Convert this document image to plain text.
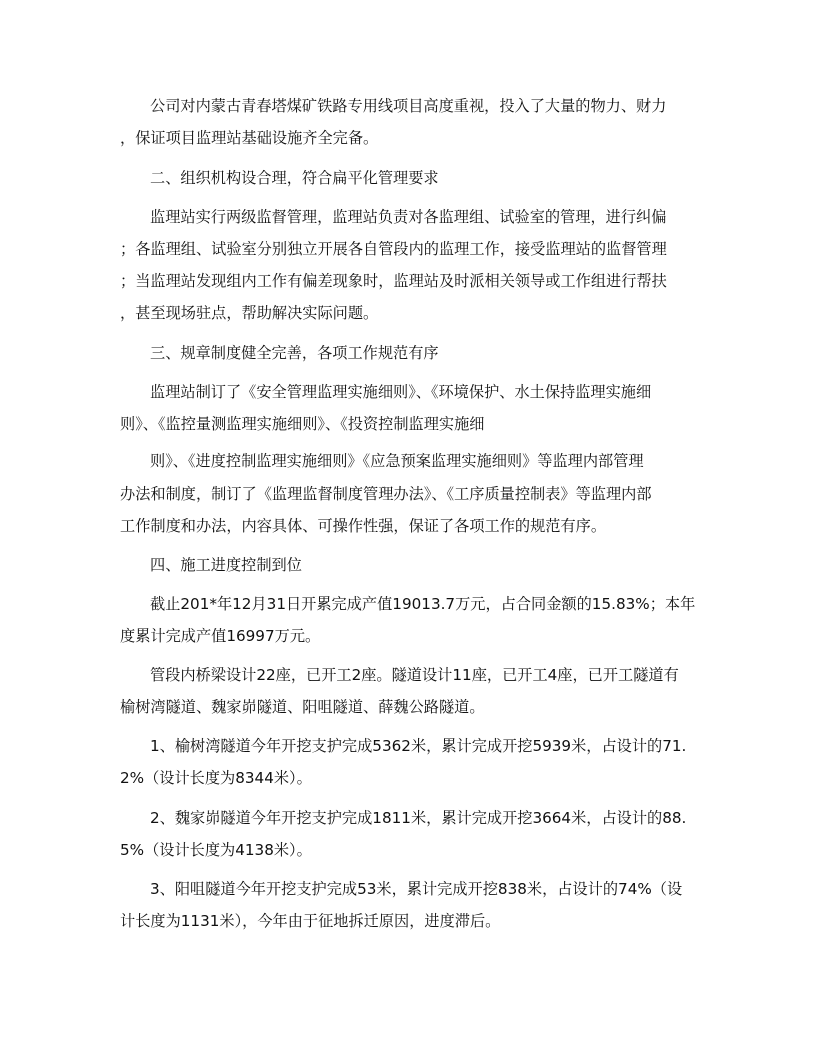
公司对内蒙古青春塔煤矿铁路专用线项目高度重视，投入了大量的物力、财力
，保证项目监理站基础设施齐全完备。
二、组织机构设合理，符合扁平化管理要求
监理站实行两级监督管理，监理站负责对各监理组、试验室的管理，进行纠偏
；各监理组、试验室分别独立开展各自管段内的监理工作，接受监理站的监督管理
；当监理站发现组内工作有偏差现象时，监理站及时派相关领导或工作组进行帮扶
，甚至现场驻点，帮助解决实际问题。
三、规章制度健全完善，各项工作规范有序
监理站制订了《安全管理监理实施细则》、《环境保护、水土保持监理实施细
则》、《监控量测监理实施细则》、《投资控制监理实施细
则》、《进度控制监理实施细则》《应急预案监理实施细则》等监理内部管理
办法和制度，制订了《监理监督制度管理办法》、《工序质量控制表》等监理内部
工作制度和办法，内容具体、可操作性强，保证了各项工作的规范有序。
四、施工进度控制到位
截止201*年12月31日开累完成产值19013.7万元，占合同金额的15.83%；本年
度累计完成产值16997万元。
管段内桥梁设计22座，已开工2座。隧道设计11座，已开工4座，已开工隧道有
榆树湾隧道、魏家峁隧道、阳咀隧道、薛魏公路隧道。
1、榆树湾隧道今年开挖支护完成5362米，累计完成开挖5939米，占设计的71.
2%（设计长度为8344米）。
2、魏家峁隧道今年开挖支护完成1811米，累计完成开挖3664米，占设计的88.
5%（设计长度为4138米）。
3、阳咀隧道今年开挖支护完成53米，累计完成开挖838米，占设计的74%（设
计长度为1131米），今年由于征地拆迁原因，进度滞后。
